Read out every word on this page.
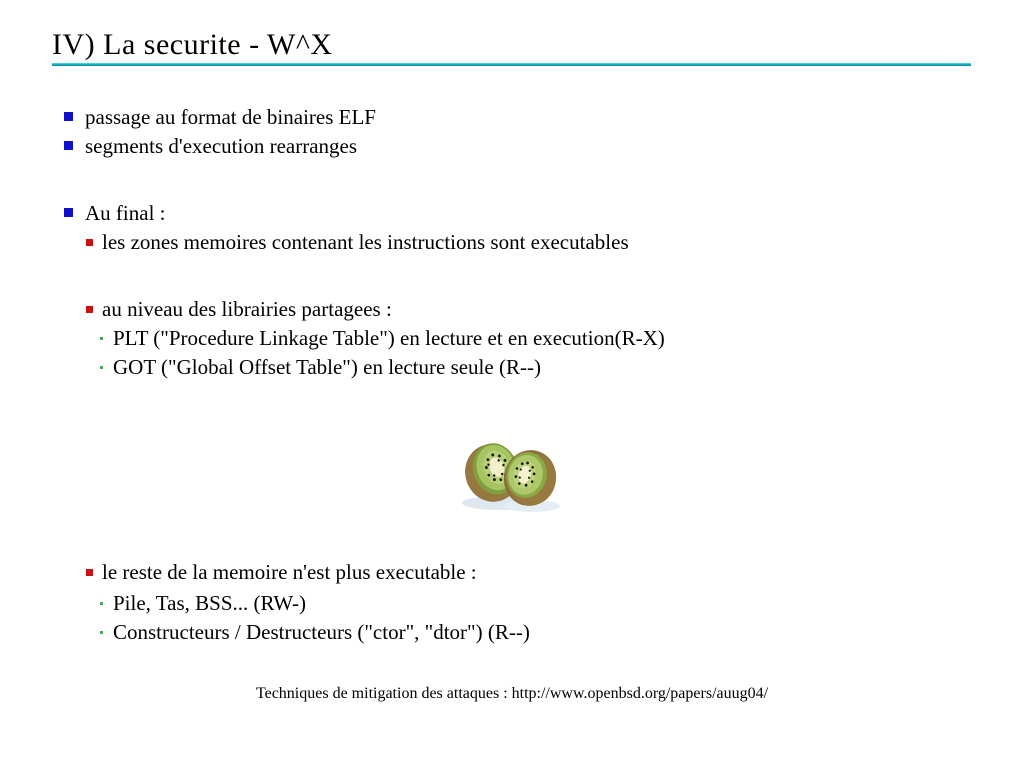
IV) La securite - W^X
passage au format de binaires ELF
segments d'execution rearranges
Au final :
les zones memoires contenant les instructions sont executables
au niveau des librairies partagees :
PLT ("Procedure Linkage Table") en lecture et en execution(R-X)
GOT ("Global Offset Table") en lecture seule (R--)
le reste de la memoire n'est plus executable :
Pile, Tas, BSS... (RW-)
Constructeurs / Destructeurs ("ctor", "dtor") (R--)
Techniques de mitigation des attaques : http://www.openbsd.org/papers/auug04/
